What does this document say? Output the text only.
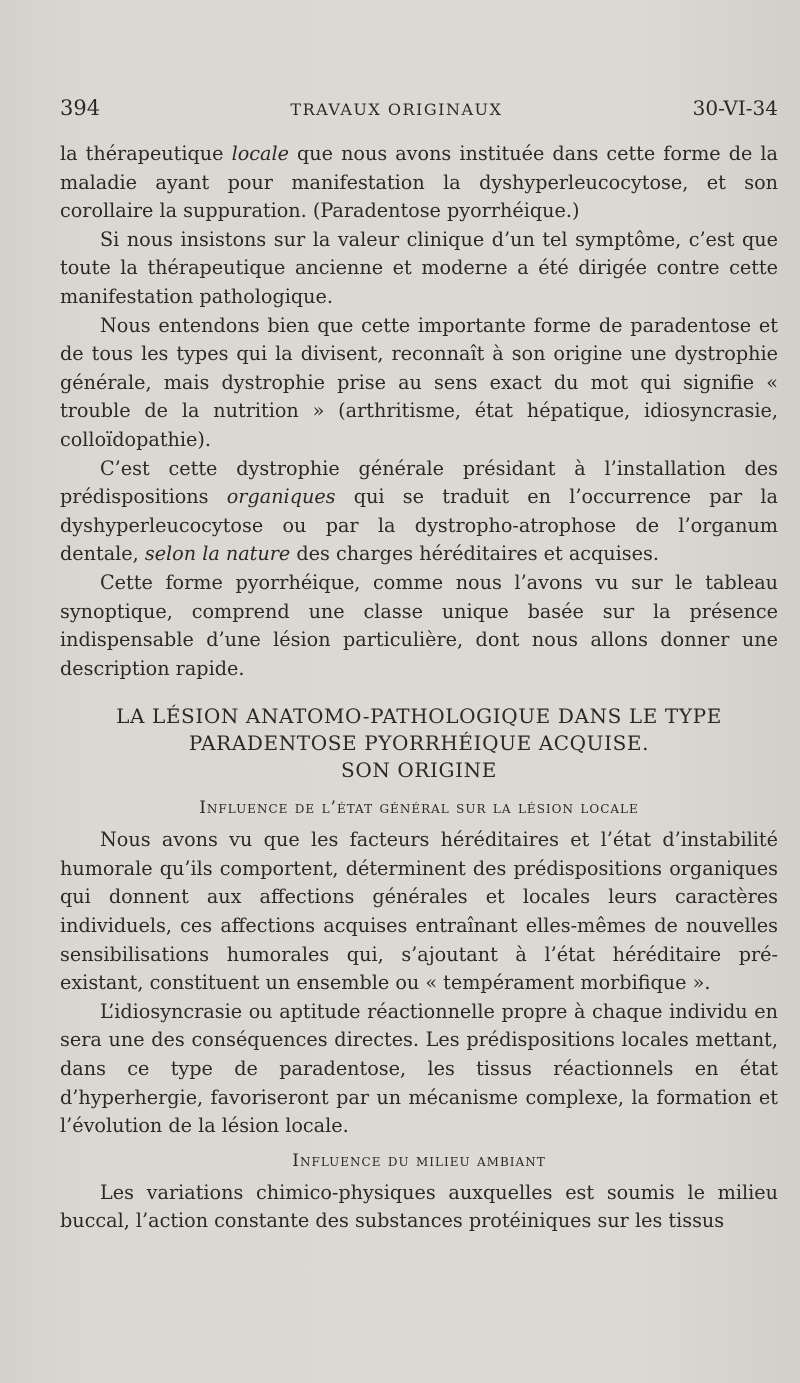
394	TRAVAUX ORIGINAUX	30-VI-34

la thérapeutique locale que nous avons instituée dans cette forme de la maladie ayant pour manifestation la dyshyperleucocytose, et son corollaire la suppuration. (Paradentose pyorrhéique.)

Si nous insistons sur la valeur clinique d’un tel symptôme, c’est que toute la thérapeutique ancienne et moderne a été dirigée contre cette manifestation pathologique.

Nous entendons bien que cette importante forme de paradentose et de tous les types qui la divisent, reconnaît à son origine une dystrophie générale, mais dystrophie prise au sens exact du mot qui signifie « trouble de la nutrition » (arthritisme, état hépatique, idiosyncrasie, colloïdopathie).

C’est cette dystrophie générale présidant à l’installation des prédispositions organiques qui se traduit en l’occurrence par la dyshyperleucocytose ou par la dystropho-atrophose de l’organum dentale, selon la nature des charges héréditaires et acquises.

Cette forme pyorrhéique, comme nous l’avons vu sur le tableau synoptique, comprend une classe unique basée sur la présence indispensable d’une lésion particulière, dont nous allons donner une description rapide.

LA LÉSION ANATOMO-PATHOLOGIQUE DANS LE TYPE
PARADENTOSE PYORRHÉIQUE ACQUISE.
SON ORIGINE
Influence de l’état général sur la lésion locale

Nous avons vu que les facteurs héréditaires et l’état d’instabilité humorale qu’ils comportent, déterminent des prédispositions organiques qui donnent aux affections générales et locales leurs caractères individuels, ces affections acquises entraînant elles-mêmes de nouvelles sensibilisations humorales qui, s’ajoutant à l’état héréditaire pré-existant, constituent un ensemble ou « tempérament morbifique ».

L’idiosyncrasie ou aptitude réactionnelle propre à chaque individu en sera une des conséquences directes. Les prédispositions locales mettant, dans ce type de paradentose, les tissus réactionnels en état d’hyperhergie, favoriseront par un mécanisme complexe, la formation et l’évolution de la lésion locale.

Influence du milieu ambiant

Les variations chimico-physiques auxquelles est soumis le milieu buccal, l’action constante des substances protéiniques sur les tissus
